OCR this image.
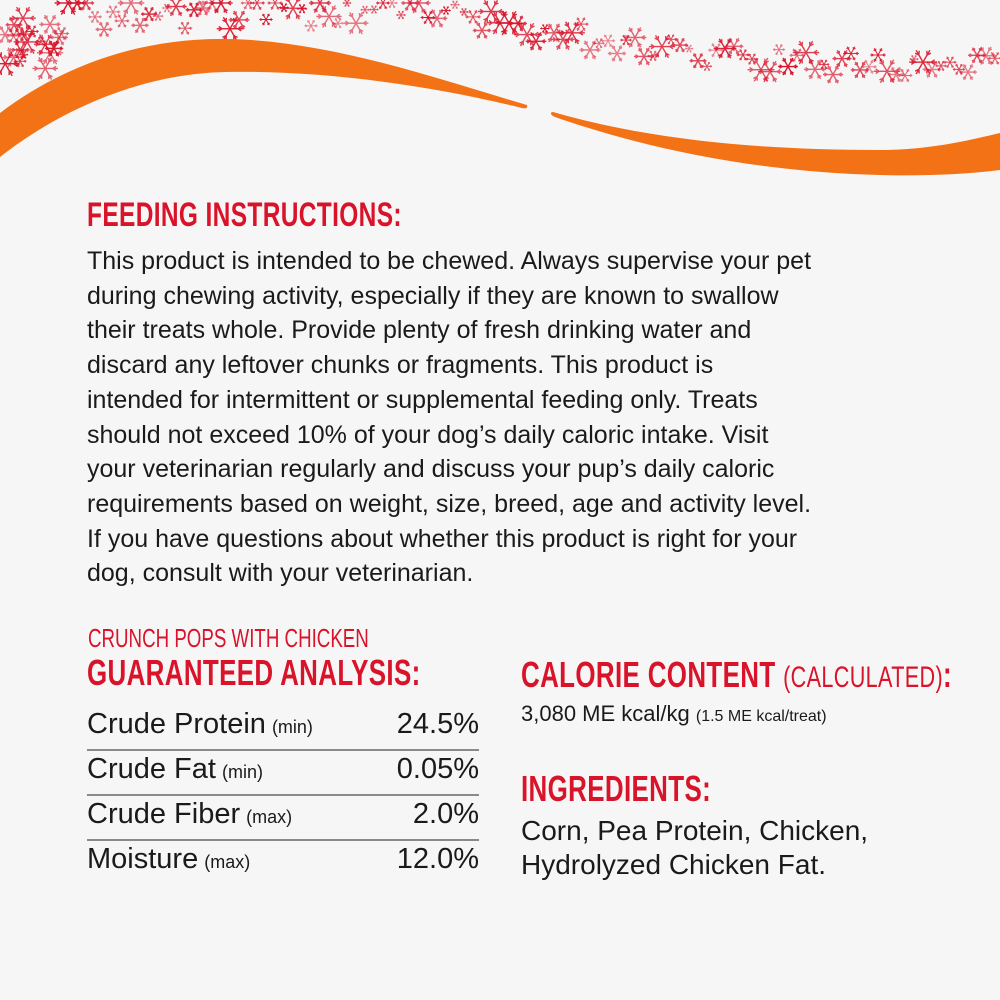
FEEDING INSTRUCTIONS:
This product is intended to be chewed. Always supervise your pet
during chewing activity, especially if they are known to swallow
their treats whole. Provide plenty of fresh drinking water and
discard any leftover chunks or fragments. This product is
intended for intermittent or supplemental feeding only. Treats
should not exceed 10% of your dog’s daily caloric intake. Visit
your veterinarian regularly and discuss your pup’s daily caloric
requirements based on weight, size, breed, age and activity level.
If you have questions about whether this product is right for your
dog, consult with your veterinarian.
CRUNCH POPS WITH CHICKEN
GUARANTEED ANALYSIS:
Crude Protein (min)	24.5%
Crude Fat (min)	0.05%
Crude Fiber (max)	2.0%
Moisture (max)	12.0%
CALORIE CONTENT (CALCULATED):
3,080 ME kcal/kg (1.5 ME kcal/treat)
INGREDIENTS:
Corn, Pea Protein, Chicken,
Hydrolyzed Chicken Fat.
